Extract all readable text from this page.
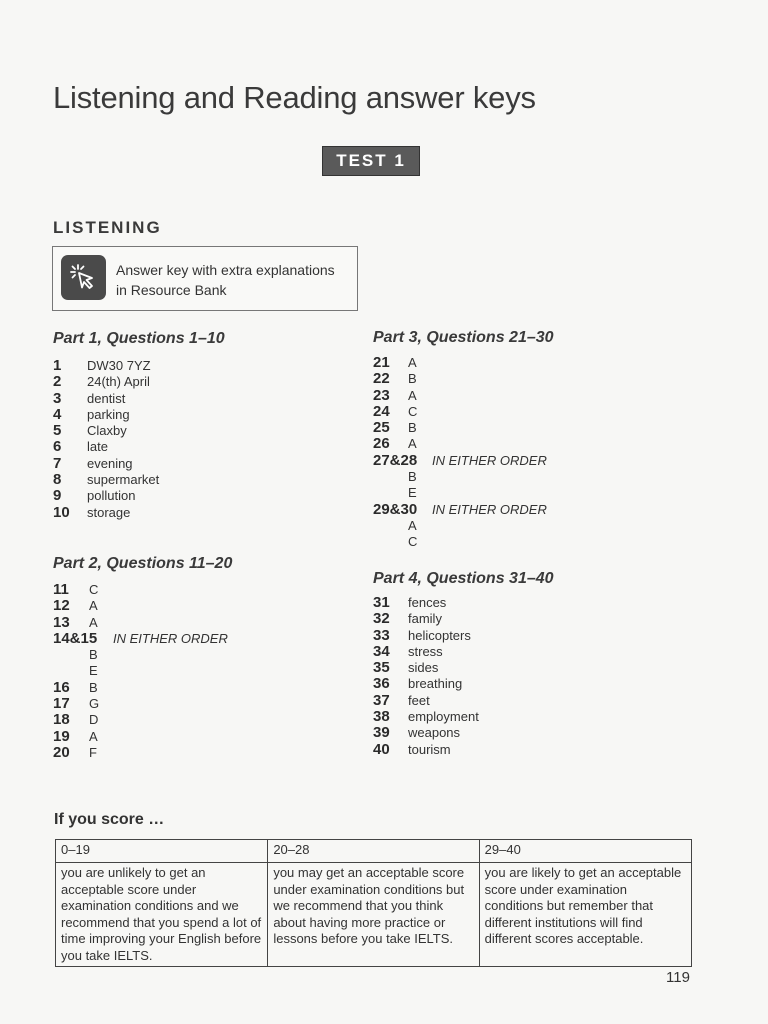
Listening and Reading answer keys
TEST 1
LISTENING
Answer key with extra explanations
in Resource Bank
Part 1, Questions 1–10
1 DW30 7YZ
2 24(th) April
3 dentist
4 parking
5 Claxby
6 late
7 evening
8 supermarket
9 pollution
10 storage
Part 2, Questions 11–20
11 C
12 A
13 A
14&15 IN EITHER ORDER
B
E
16 B
17 G
18 D
19 A
20 F
Part 3, Questions 21–30
21 A
22 B
23 A
24 C
25 B
26 A
27&28 IN EITHER ORDER
B
E
29&30 IN EITHER ORDER
A
C
Part 4, Questions 31–40
31 fences
32 family
33 helicopters
34 stress
35 sides
36 breathing
37 feet
38 employment
39 weapons
40 tourism
If you score …
0–19	20–28	29–40
you are unlikely to get an acceptable score under examination conditions and we recommend that you spend a lot of time improving your English before you take IELTS.	you may get an acceptable score under examination conditions but we recommend that you think about having more practice or lessons before you take IELTS.	you are likely to get an acceptable score under examination conditions but remember that different institutions will find different scores acceptable.
119
